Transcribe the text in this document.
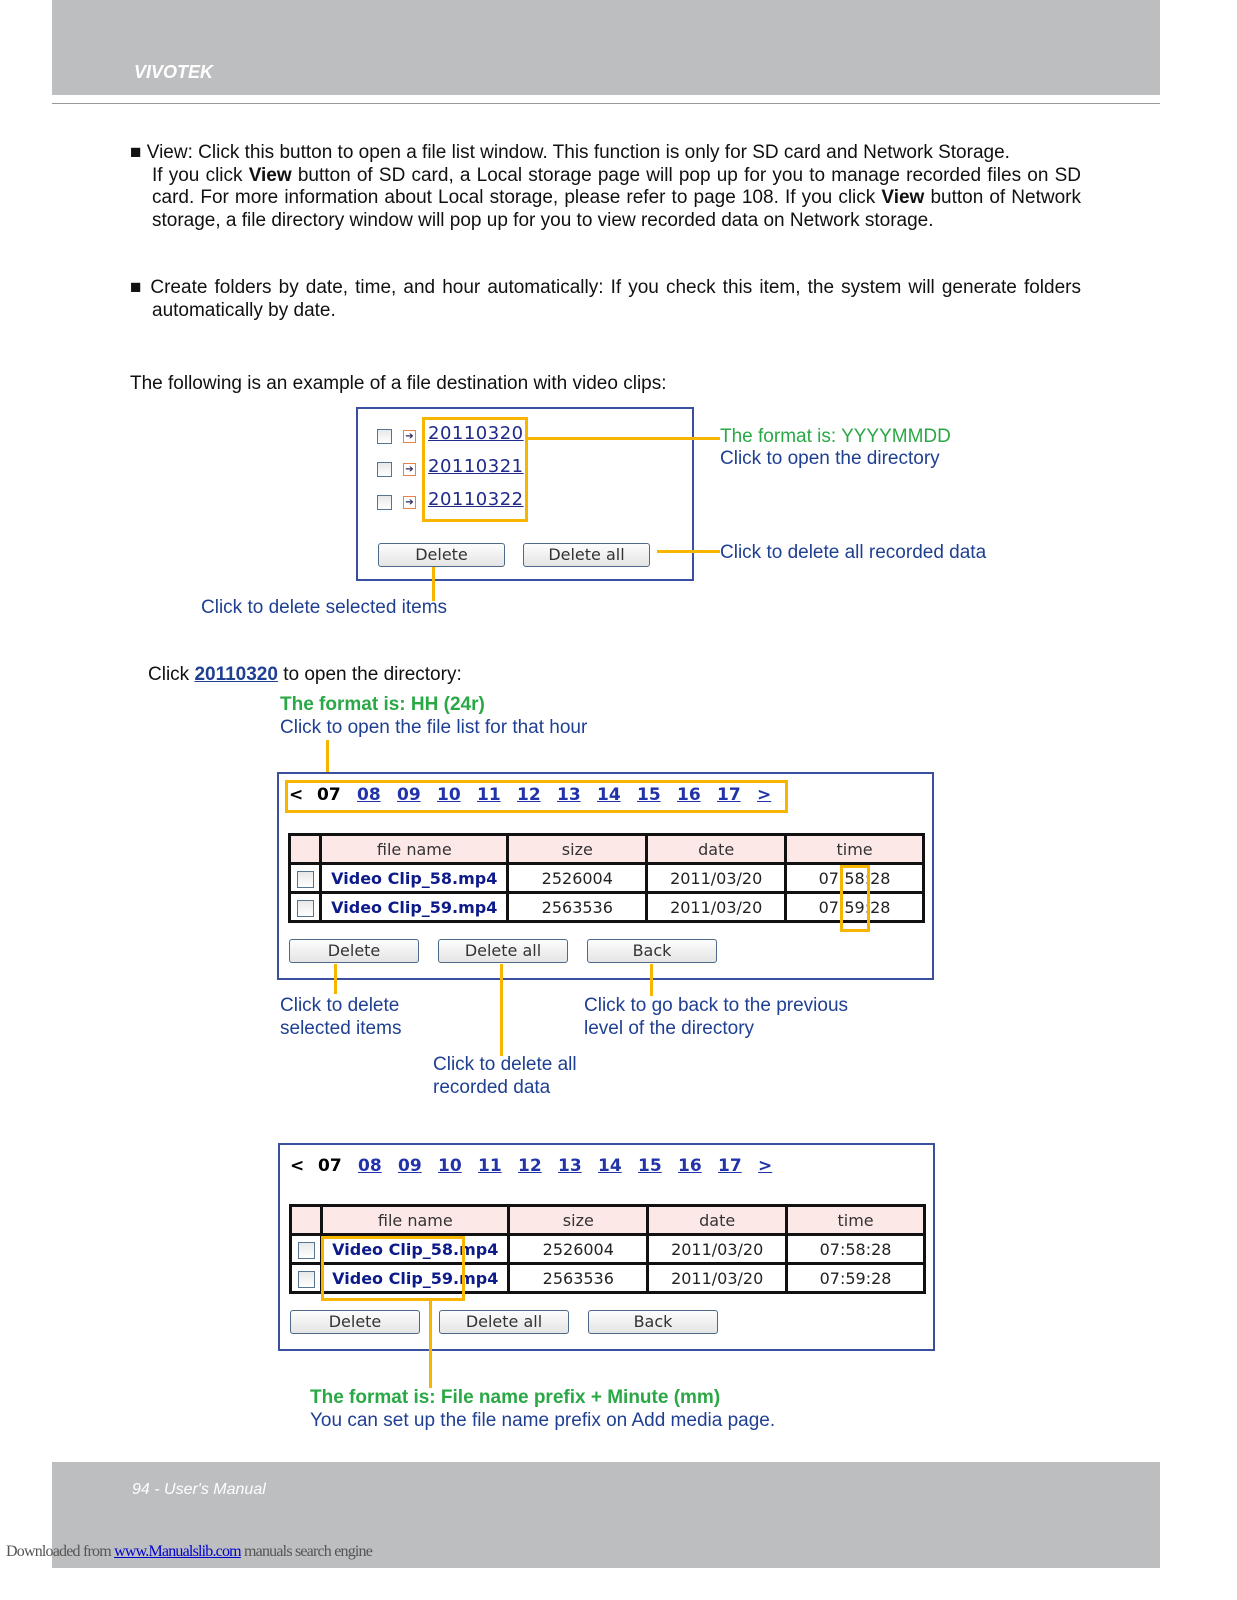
VIVOTEK
■ View: Click this button to open a file list window. This function is only for SD card and Network Storage.

If you click View button of SD card, a Local storage page will pop up for you to manage recorded files on SD card. For more information about Local storage, please refer to page 108. If you click View button of Network storage, a file directory window will pop up for you to view recorded data on Network storage.
■ Create folders by date, time, and hour automatically: If you check this item, the system will generate folders automatically by date.
The following is an example of a file destination with video clips:
➔ 20110320
➔ 20110321
➔ 20110322
Delete	Delete all
The format is: YYYYMMDD
Click to open the directory
Click to delete all recorded data
Click to delete selected items
Click 20110320 to open the directory:
The format is: HH (24r)
Click to open the file list for that hour
< 07 08 09 10 11 12 13 14 15 16 17 >
	file name	size	date	time
	Video Clip_58.mp4	2526004	2011/03/20	07:58:28
	Video Clip_59.mp4	2563536	2011/03/20	07:59:28
Delete	Delete all	Back
Click to delete
selected items
Click to delete all
recorded data
Click to go back to the previous
level of the directory
< 07 08 09 10 11 12 13 14 15 16 17 >
	file name	size	date	time
	Video Clip_58.mp4	2526004	2011/03/20	07:58:28
	Video Clip_59.mp4	2563536	2011/03/20	07:59:28
Delete	Delete all	Back
The format is: File name prefix + Minute (mm)
You can set up the file name prefix on Add media page.
94 - User's Manual
Downloaded from www.Manualslib.com manuals search engine
